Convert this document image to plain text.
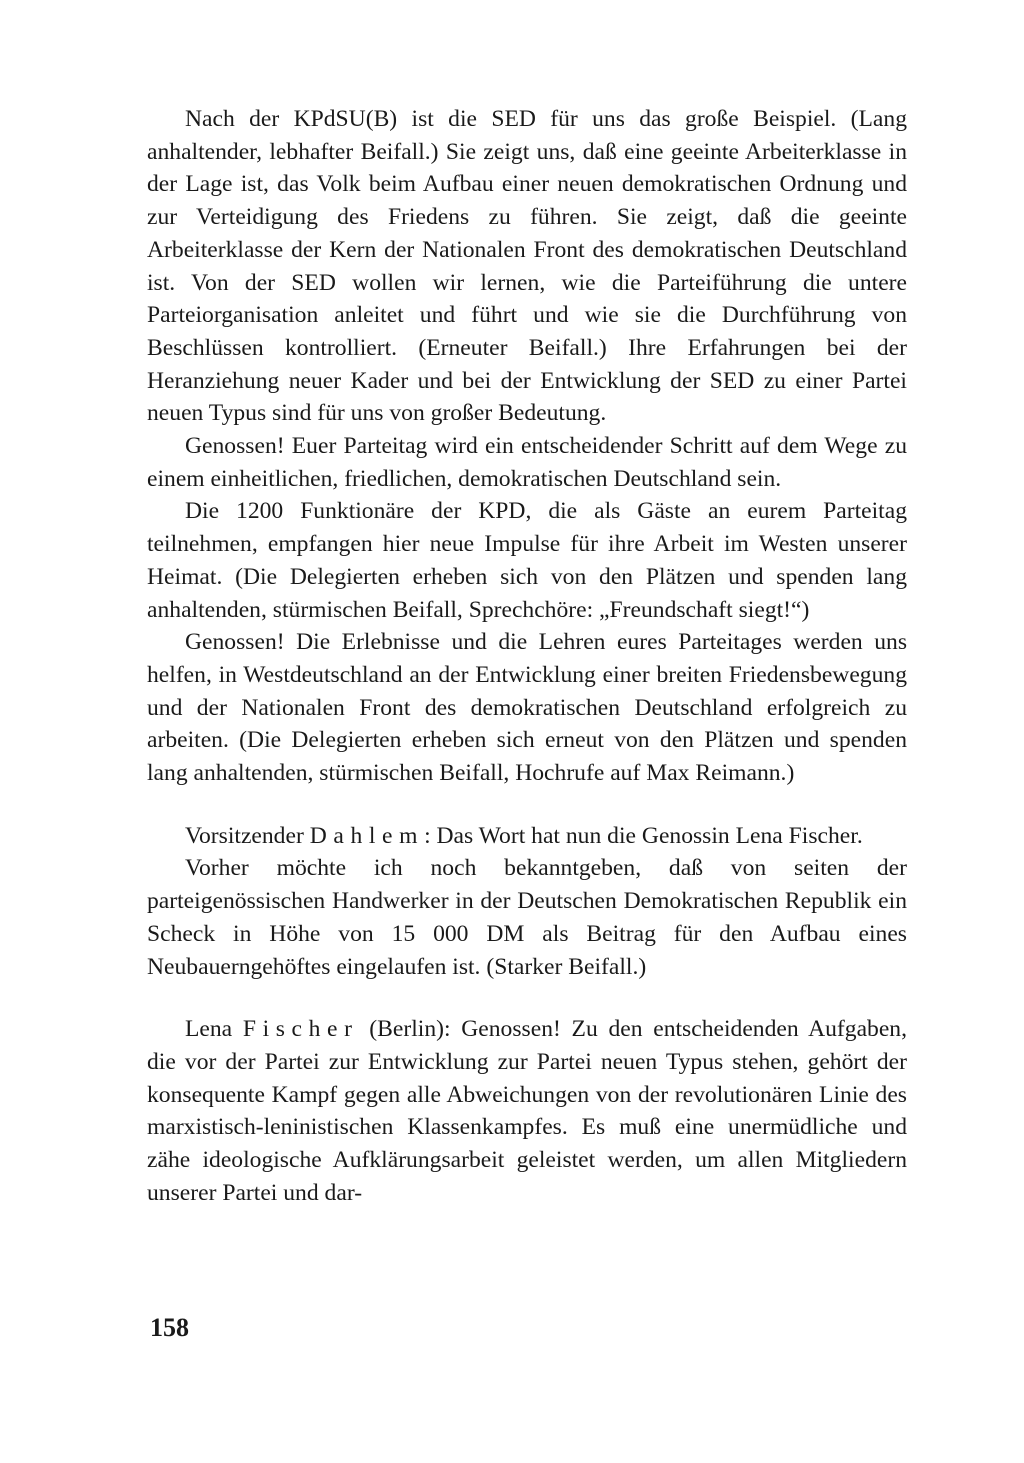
Nach der KPdSU(B) ist die SED für uns das große Beispiel. (Lang anhaltender, lebhafter Beifall.) Sie zeigt uns, daß eine geeinte Arbeiterklasse in der Lage ist, das Volk beim Aufbau einer neuen demokratischen Ordnung und zur Verteidigung des Friedens zu führen. Sie zeigt, daß die geeinte Arbeiterklasse der Kern der Nationalen Front des demokratischen Deutschland ist. Von der SED wollen wir lernen, wie die Parteiführung die untere Parteiorganisation anleitet und führt und wie sie die Durchführung von Beschlüssen kontrolliert. (Erneuter Beifall.) Ihre Erfahrungen bei der Heranziehung neuer Kader und bei der Entwicklung der SED zu einer Partei neuen Typus sind für uns von großer Bedeutung.

Genossen! Euer Parteitag wird ein entscheidender Schritt auf dem Wege zu einem einheitlichen, friedlichen, demokratischen Deutschland sein.

Die 1200 Funktionäre der KPD, die als Gäste an eurem Parteitag teilnehmen, empfangen hier neue Impulse für ihre Arbeit im Westen unserer Heimat. (Die Delegierten erheben sich von den Plätzen und spenden lang anhaltenden, stürmischen Beifall, Sprechchöre: „Freundschaft siegt!“)

Genossen! Die Erlebnisse und die Lehren eures Parteitages werden uns helfen, in Westdeutschland an der Entwicklung einer breiten Friedensbewegung und der Nationalen Front des demokratischen Deutschland erfolgreich zu arbeiten. (Die Delegierten erheben sich erneut von den Plätzen und spenden lang anhaltenden, stürmischen Beifall, Hochrufe auf Max Reimann.)

Vorsitzender Dahlem: Das Wort hat nun die Genossin Lena Fischer.

Vorher möchte ich noch bekanntgeben, daß von seiten der parteigenössischen Handwerker in der Deutschen Demokratischen Republik ein Scheck in Höhe von 15 000 DM als Beitrag für den Aufbau eines Neubauerngehöftes eingelaufen ist. (Starker Beifall.)

Lena Fischer (Berlin): Genossen! Zu den entscheidenden Aufgaben, die vor der Partei zur Entwicklung zur Partei neuen Typus stehen, gehört der konsequente Kampf gegen alle Abweichungen von der revolutionären Linie des marxistisch-leninistischen Klassenkampfes. Es muß eine unermüdliche und zähe ideologische Aufklärungsarbeit geleistet werden, um allen Mitgliedern unserer Partei und dar-

158
